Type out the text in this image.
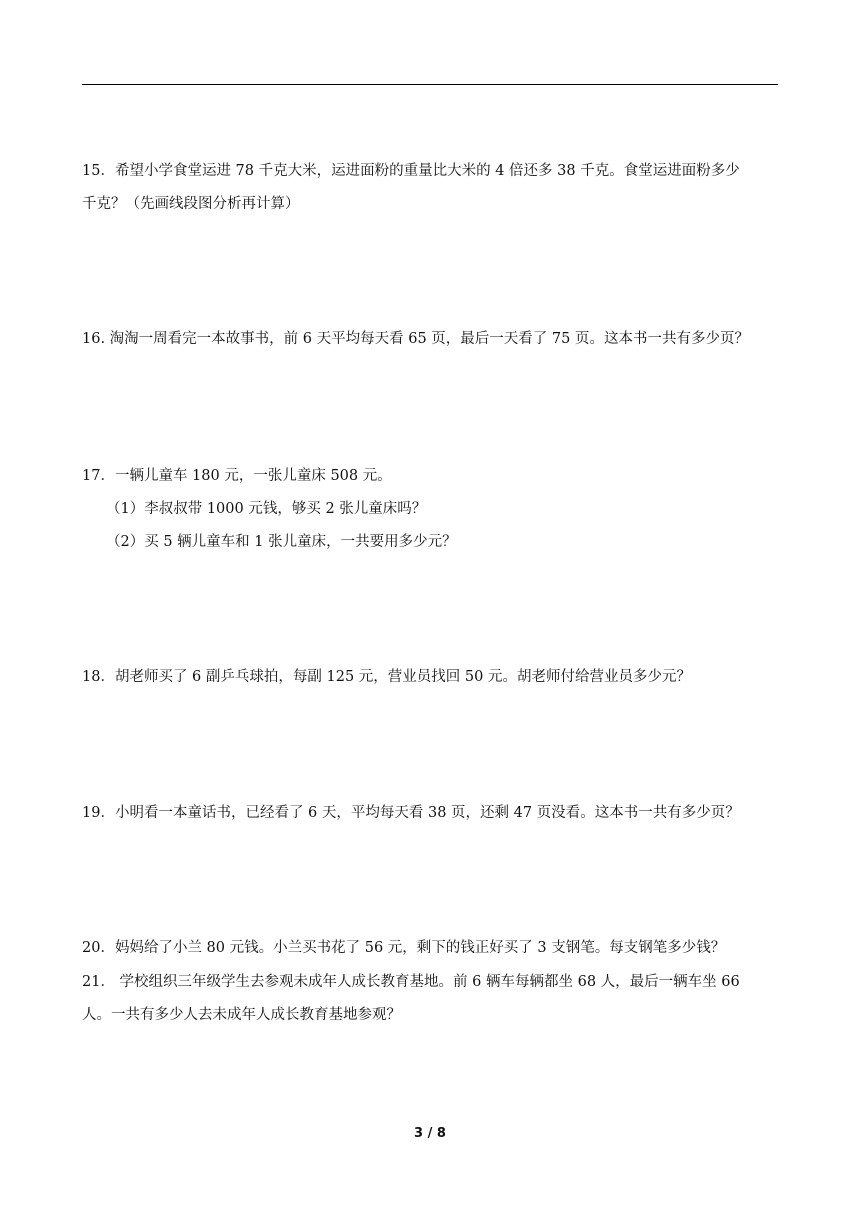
15．希望小学食堂运进 78 千克大米，运进面粉的重量比大米的 4 倍还多 38 千克。食堂运进面粉多少
千克？（先画线段图分析再计算）
16. 淘淘一周看完一本故事书，前 6 天平均每天看 65 页，最后一天看了 75 页。这本书一共有多少页？
17．一辆儿童车 180 元，一张儿童床 508 元。
（1）李叔叔带 1000 元钱，够买 2 张儿童床吗？
（2）买 5 辆儿童车和 1 张儿童床，一共要用多少元？
18．胡老师买了 6 副乒乓球拍，每副 125 元，营业员找回 50 元。胡老师付给营业员多少元？
19．小明看一本童话书，已经看了 6 天，平均每天看 38 页，还剩 47 页没看。这本书一共有多少页？
20．妈妈给了小兰 80 元钱。小兰买书花了 56 元，剩下的钱正好买了 3 支钢笔。每支钢笔多少钱？
21． 学校组织三年级学生去参观未成年人成长教育基地。前 6 辆车每辆都坐 68 人，最后一辆车坐 66
人。一共有多少人去未成年人成长教育基地参观？
3 / 8
